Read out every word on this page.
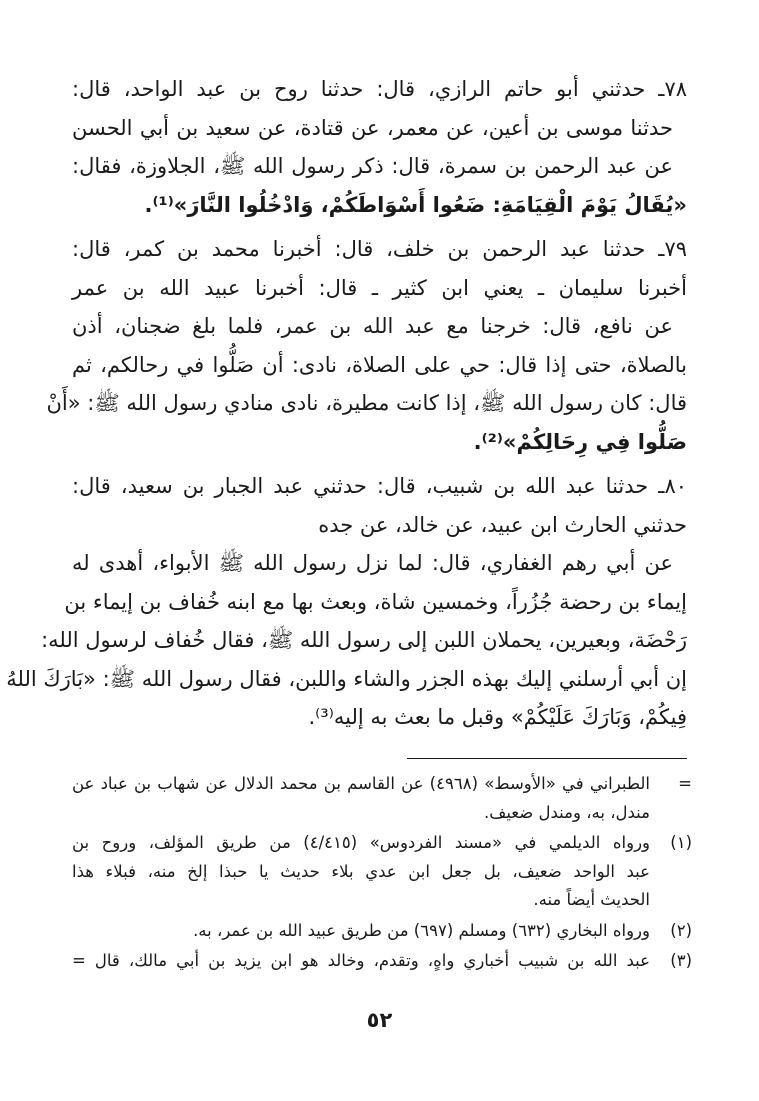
٧٨ـ حدثني أبو حاتم الرازي، قال: حدثنا روح بن عبد الواحد، قال:
حدثنا موسى بن أعين، عن معمر، عن قتادة، عن سعيد بن أبي الحسن
عن عبد الرحمن بن سمرة، قال: ذكر رسول الله ﷺ، الجلاوزة، فقال:
«يُقَالُ يَوْمَ الْقِيَامَةِ: ضَعُوا أَسْوَاطَكُمْ، وَادْخُلُوا النَّارَ»⁽¹⁾.
٧٩ـ حدثنا عبد الرحمن بن خلف، قال: أخبرنا محمد بن كمر، قال:
أخبرنا سليمان ـ يعني ابن كثير ـ قال: أخبرنا عبيد الله بن عمر
عن نافع، قال: خرجنا مع عبد الله بن عمر، فلما بلغ ضجنان، أذن
بالصلاة، حتى إذا قال: حي على الصلاة، نادى: أن صَلُّوا في رحالكم، ثم
قال: كان رسول الله ﷺ، إذا كانت مطيرة، نادى منادي رسول الله ﷺ: «أَنْ
صَلُّوا فِي رِحَالِكُمْ»⁽²⁾.
٨٠ـ حدثنا عبد الله بن شبيب، قال: حدثني عبد الجبار بن سعيد، قال:
حدثني الحارث ابن عبيد، عن خالد، عن جده
عن أبي رهم الغفاري، قال: لما نزل رسول الله ﷺ الأبواء، أهدى له
إيماء بن رحضة جُزُراً، وخمسين شاة، وبعث بها مع ابنه خُفاف بن إيماء بن
رَحْضَة، وبعيرين، يحملان اللبن إلى رسول الله ﷺ، فقال خُفاف لرسول الله:
إن أبي أرسلني إليك بهذه الجزر والشاء واللبن، فقال رسول الله ﷺ: «بَارَكَ اللهُ
فِيكُمْ، وَبَارَكَ عَلَيْكُمْ» وقبل ما بعث به إليه⁽³⁾.
=
الطبراني في «الأوسط» (٤٩٦٨) عن القاسم بن محمد الدلال عن شهاب بن عباد عن
مندل، به، ومندل ضعيف.
(١)
ورواه الديلمي في «مسند الفردوس» (٤/٤١٥) من طريق المؤلف، وروح بن
عبد الواحد ضعيف، بل جعل ابن عدي بلاء حديث يا حبذا إلخ منه، فبلاء هذا
الحديث أيضاً منه.
(٢)
ورواه البخاري (٦٣٢) ومسلم (٦٩٧) من طريق عبيد الله بن عمر، به.
(٣)
عبد الله بن شبيب أخباري واهٍ، وتقدم، وخالد هو ابن يزيد بن أبي مالك، قال =
٥٢
